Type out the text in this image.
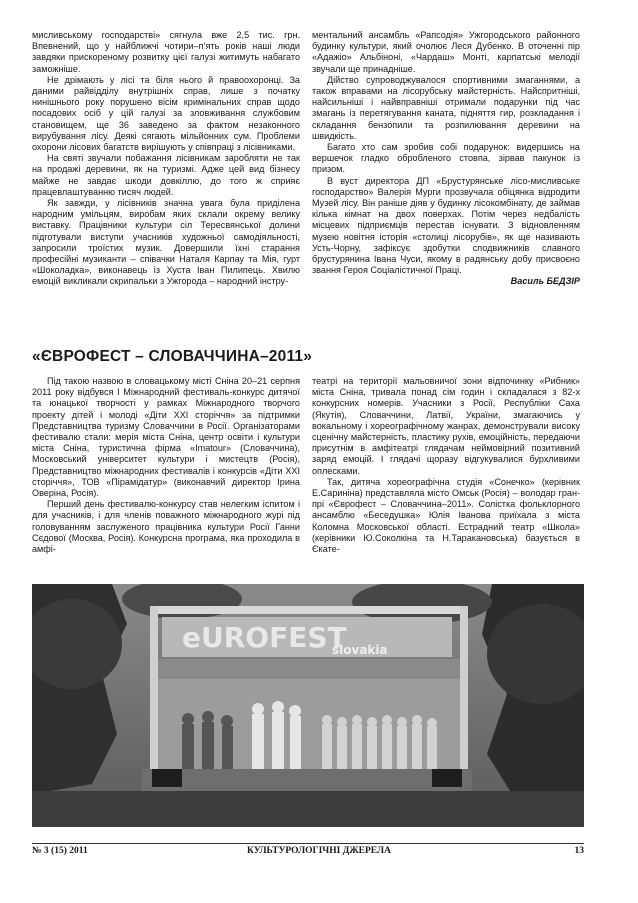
мисливському господарстві» сягнула вже 2,5 тис. грн. Впевнений, що у найближчі чотири–п’ять років наші люди завдяки прискореному розвитку цієї галузі житимуть набагато заможніше.

Не дрімають у лісі та біля нього й правоохоронці. За даними райвідділу внутрішніх справ, лише з початку нинішнього року порушено вісім кримінальних справ щодо посадових осіб у цій галузі за зловживання службовим становищем, ще 36 заведено за фактом незаконного вирубування лісу. Деякі сягають мільйонних сум. Проблеми охорони лісових багатств вирішують у співпраці з лісівниками.

На святі звучали побажання лісівникам заробляти не так на продажі деревини, як на туризмі. Адже цей вид бізнесу майже не завдає шкоди довкіллю, до того ж сприяє працевлаштуванню тисяч людей.

Як завжди, у лісівників значна увага була приділена народним умільцям, виробам яких склали окрему велику виставку. Працівники культури сіл Тересвянської долини підготували виступи учасників художньої самодіяльності, запросили троїстих музик. Довершили їхні старання професійні музиканти – співачки Наталя Карпау та Мія, гурт «Шоколадка», виконавець із Хуста Іван Пилипець. Хвилю емоцій викликали скрипальки з Ужгорода – народний інстру-

ментальний ансамбль «Рапсодія» Ужгородського районного будинку культури, який очолює Леся Дубенко. В оточенні пір «Адажіо» Альбіноні, «Чардаш» Монті, карпатські мелодії звучали ще принадніше.

Дійство супроводжувалося спортивними змаганнями, а також вправами на лісорубську майстерність. Найспритніші, найсильніші і найвправніші отримали подарунки під час змагань із перетягування каната, підняття гир, розкладання і складання бензопили та розпилювання деревини на швидкість.

Багато хто сам зробив собі подарунок: видершись на вершечок гладко обробленого стовпа, зірвав пакунок із призом.

В вуст директора ДП «Брустурянське лісо-мисливське господарство» Валерія Мурги прозвучала обіцянка відродити Музей лісу. Він раніше діяв у будинку лісокомбінату, де займав кілька кімнат на двох поверхах. Потім через недбалість місцевих підприємців перестав існувати. З відновленням музею новітня історія «столиці лісорубів», як ще називають Усть-Чорну, зафіксує здобутки сподвижників славного брустурянина Івана Чуси, якому в радянську добу присвоєно звання Героя Соціалістичної Праці.

Василь БЕДЗІР

«ЄВРОФЕСТ – СЛОВАЧЧИНА–2011»

Під такою назвою в словацькому місті Сніна 20–21 серпня 2011 року відбувся І Міжнародний фестиваль-конкурс дитячої та юнацької творчості у рамках Міжнародного творчого проекту дітей і молоді «Діти ХХІ сторіччя» за підтримки Представництва туризму Словаччини в Росії. Організаторами фестивалю стали: мерія міста Сніна, центр освіти і культури міста Сніна, туристична фірма «Imatour» (Словаччина), Московський університет культури і мистецтв (Росія), Представництво міжнародних фестивалів і конкурсів «Діти ХХІ сторіччя», ТОВ «Пірамідатур» (виконавчий директор Ірина Оверіна, Росія).

Перший день фестивалю-конкурсу став нелегким іспитом і для учасників, і для членів поважного міжнародного журі під головуванням заслуженого працівника культури Росії Ганни Сєдової (Москва, Росія). Конкурсна програма, яка проходила в амфі-

театрі на території мальовничої зони відпочинку «Рибник» міста Сніна, тривала понад сім годин і складалася з 82-х конкурсних номерів. Учасники з Росії, Республіки Саха (Якутія), Словаччини, Латвії, України, змагаючись у вокальному і хореографічному жанрах, демонстрували високу сценічну майстерність, пластику рухів, емоційність, передаючи присутнім в амфітеатрі глядачам неймовірний позитивний заряд емоцій. І глядачі щоразу відгукувалися бурхливими оплесками.

Так, дитяча хореографічна студія «Сонечко» (керівник Е.Сариніна) представляла місто Омськ (Росія) – володар гран-прі «Єврофест – Словаччина–2011». Солістка фольклорного ансамблю «Беседушка» Юлія Іванова приїхала з міста Коломна Московської області. Естрадний театр «Школа» (керівники Ю.Соколкіна та Н.Таракановська) базується в Єкате-

eUROFEST
slovakia
№ 3 (15) 2011	КУЛЬТУРОЛОГІЧНІ ДЖЕРЕЛА	13
